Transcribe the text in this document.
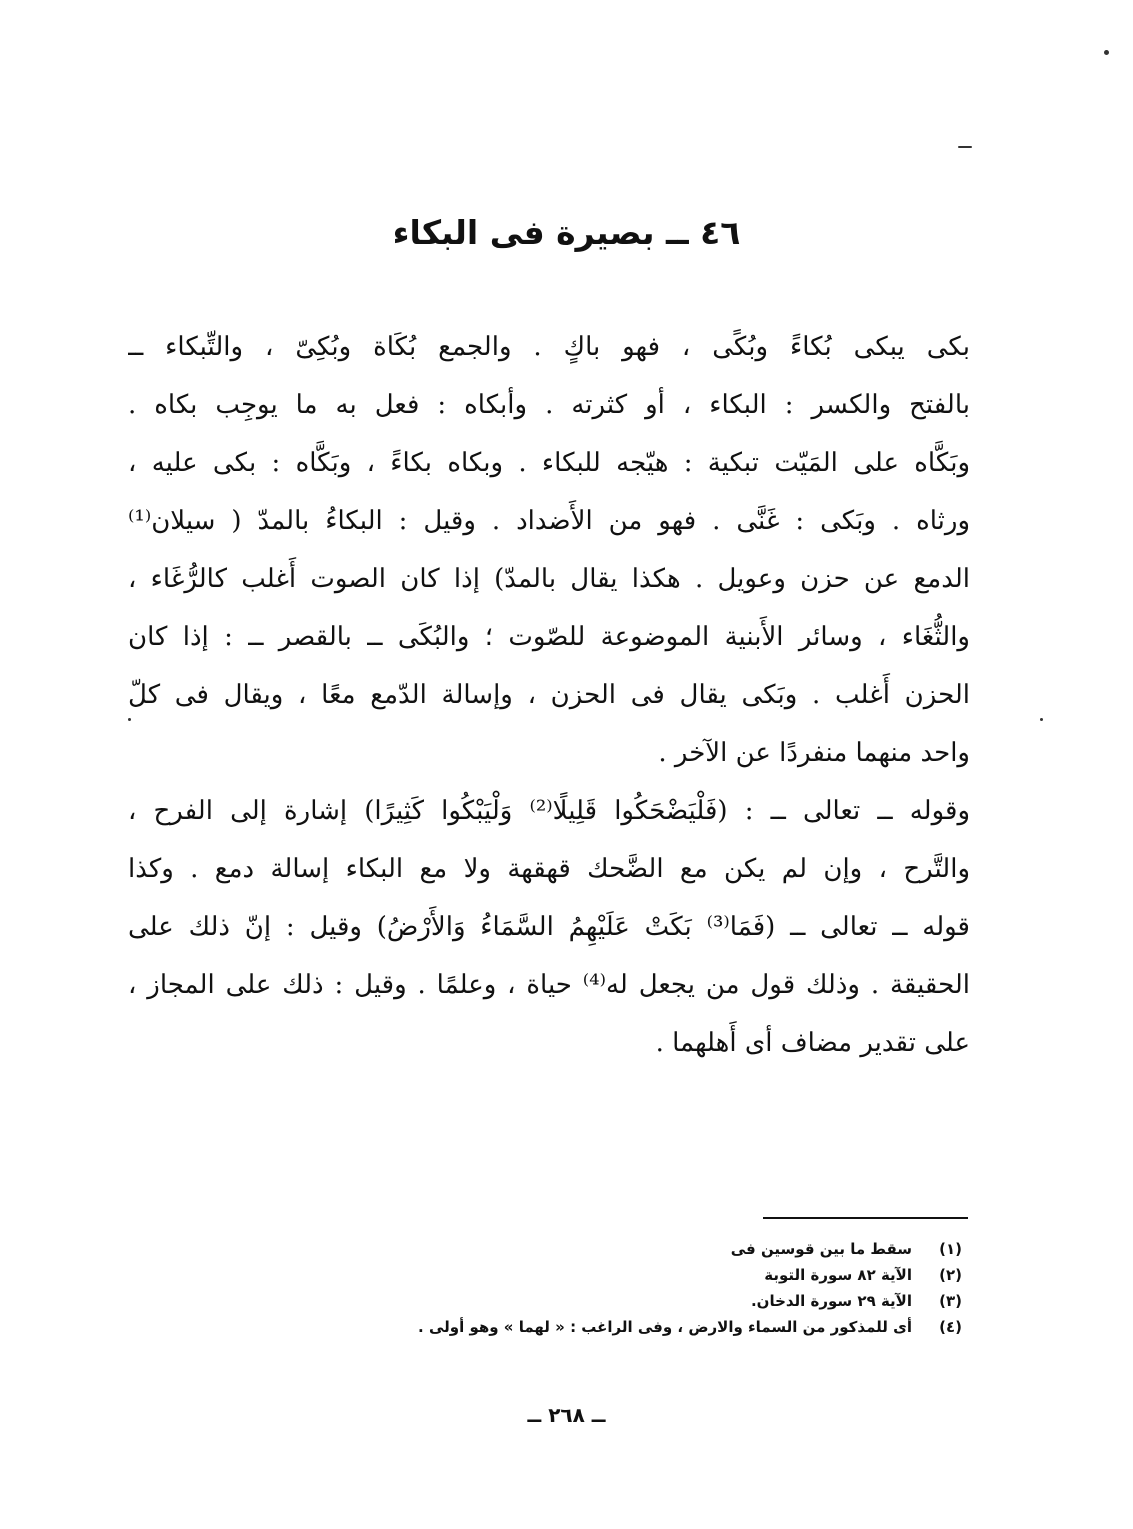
٤٦ ــ بصيرة فى البكاء
بكى يبكى بُكاءً وبُكًى ، فهو باكٍ . والجمع بُكَاة وبُكِىّ ، والتِّبكاء ــ
بالفتح والكسر : البكاء ، أو كثرته . وأبكاه : فعل به ما يوجِب بكاه .
وبَكَّاه على المَيّت تبكية : هيّجه للبكاء . وبكاه بكاءً ، وبَكَّاه : بكى عليه ،
ورثاه . وبَكى : غَنَّى . فهو من الأَضداد . وقيل : البكاءُ بالمدّ ( سيلان⁽¹⁾
الدمع عن حزن وعويل . هكذا يقال بالمدّ) إذا كان الصوت أَغلب كالرُّغَاء ،
والثُّغَاء ، وسائر الأَبنية الموضوعة للصّوت ؛ والبُكَى ــ بالقصر ــ : إذا كان
الحزن أَغلب . وبَكى يقال فى الحزن ، وإسالة الدّمع معًا ، ويقال فى كلّ
واحد منهما منفردًا عن الآخر .
وقوله ــ تعالى ــ : (فَلْيَضْحَكُوا قَلِيلًا⁽²⁾ وَلْيَبْكُوا كَثِيرًا) إشارة إلى الفرح ،
والتَّرح ، وإن لم يكن مع الضَّحك قهقهة ولا مع البكاء إسالة دمع . وكذا
قوله ــ تعالى ــ (فَمَا⁽³⁾ بَكَتْ عَلَيْهِمُ السَّمَاءُ وَالأَرْضُ) وقيل : إنّ ذلك على
الحقيقة . وذلك قول من يجعل له⁽⁴⁾ حياة ، وعلمًا . وقيل : ذلك على المجاز ،
على تقدير مضاف أى أَهلهما .
(١)
سقط ما بين قوسين فى
(٢)
الآية ٨٢ سورة التوبة
(٣)
الآية ٢٩ سورة الدخان.
(٤)
أى للمذكور من السماء والارض ، وفى الراغب : « لهما » وهو أولى .
ــ ٢٦٨ ــ
